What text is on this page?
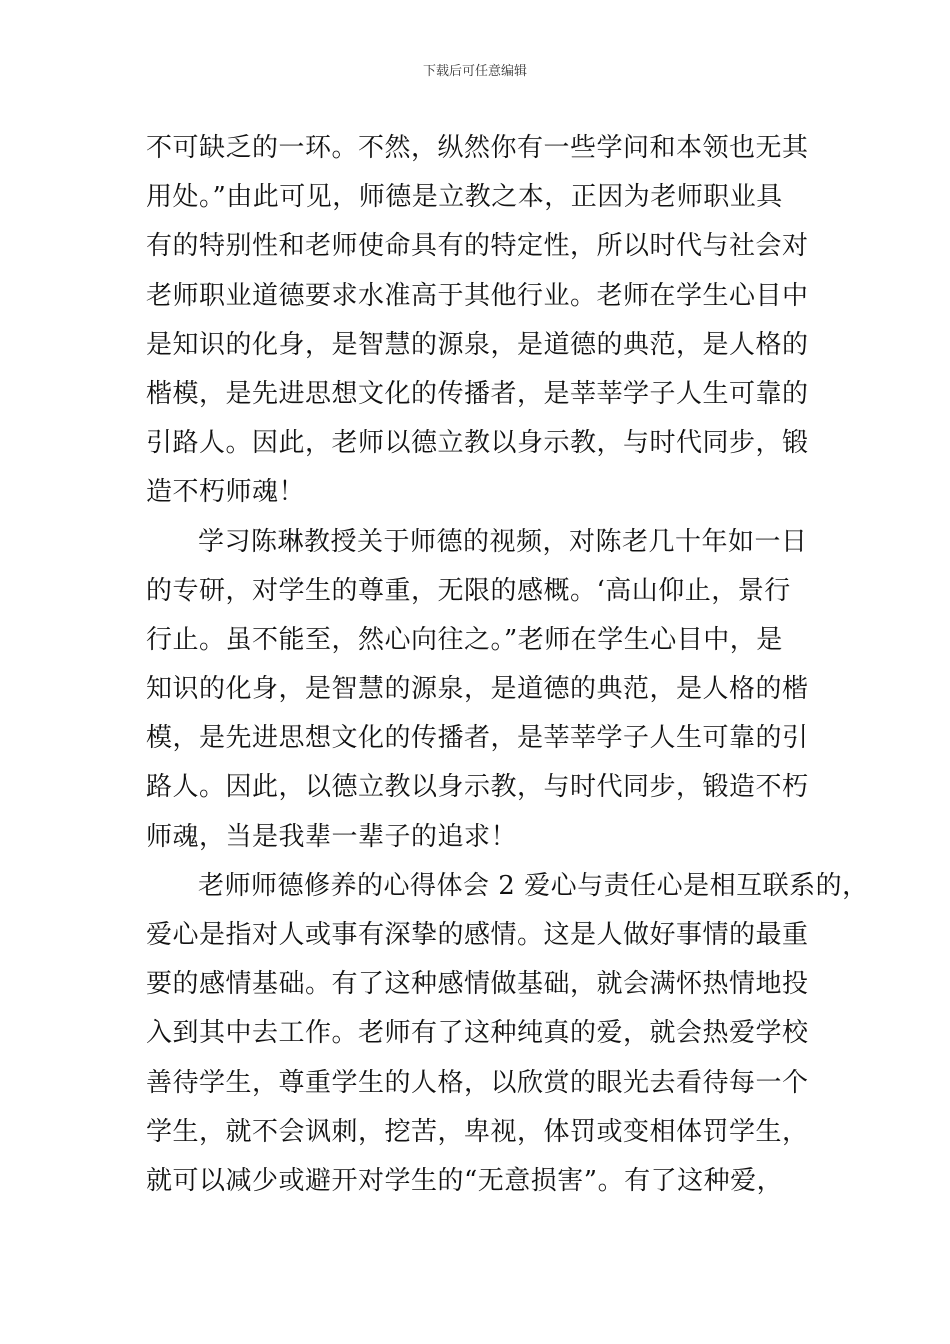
下载后可任意编辑
不可缺乏的一环。不然，纵然你有一些学问和本领也无其
用处。”由此可见，师德是立教之本，正因为老师职业具
有的特别性和老师使命具有的特定性，所以时代与社会对
老师职业道德要求水准高于其他行业。老师在学生心目中
是知识的化身，是智慧的源泉，是道德的典范，是人格的
楷模，是先进思想文化的传播者，是莘莘学子人生可靠的
引路人。因此，老师以德立教以身示教，与时代同步，锻
造不朽师魂！
学习陈琳教授关于师德的视频，对陈老几十年如一日
的专研，对学生的尊重，无限的感概。‘高山仰止，景行
行止。虽不能至，然心向往之。”老师在学生心目中，是
知识的化身，是智慧的源泉，是道德的典范，是人格的楷
模，是先进思想文化的传播者，是莘莘学子人生可靠的引
路人。因此，以德立教以身示教，与时代同步，锻造不朽
师魂，当是我辈一辈子的追求！
老师师德修养的心得体会 2 爱心与责任心是相互联系的，
爱心是指对人或事有深挚的感情。这是人做好事情的最重
要的感情基础。有了这种感情做基础，就会满怀热情地投
入到其中去工作。老师有了这种纯真的爱，就会热爱学校
善待学生，尊重学生的人格，以欣赏的眼光去看待每一个
学生，就不会讽刺，挖苦，卑视，体罚或变相体罚学生，
就可以减少或避开对学生的“无意损害”。有了这种爱，
